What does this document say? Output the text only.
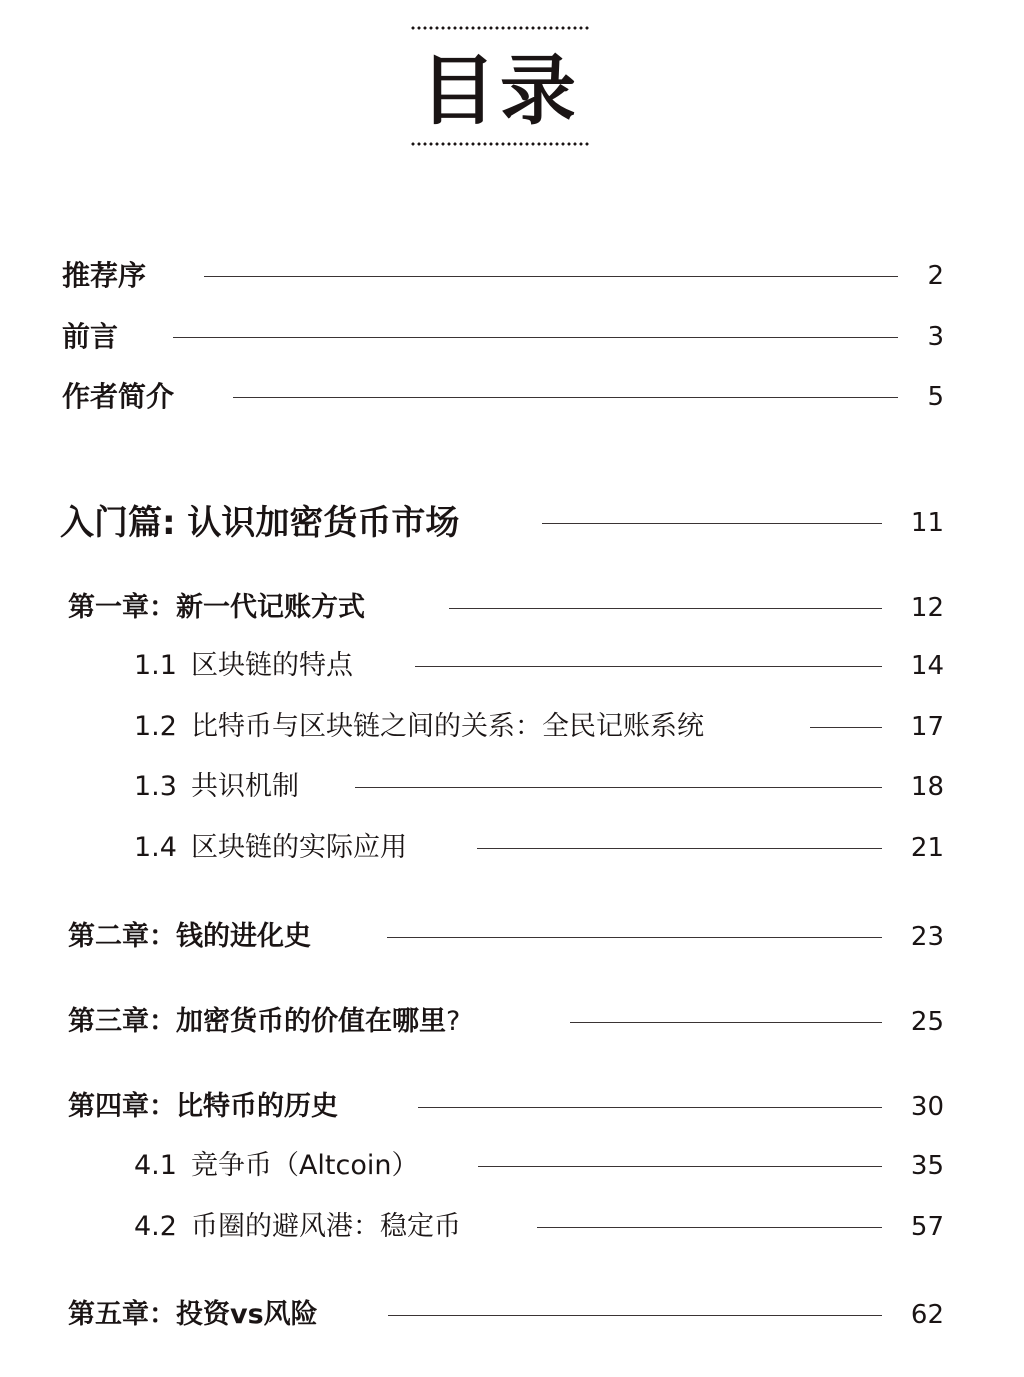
目录
推荐序	2
前言	3
作者简介	5
入门篇: 认识加密货币市场	11
第一章：新一代记账方式	12
1.1 区块链的特点	14
1.2 比特币与区块链之间的关系：全民记账系统	17
1.3 共识机制	18
1.4 区块链的实际应用	21
第二章：钱的进化史	23
第三章：加密货币的价值在哪里?	25
第四章：比特币的历史	30
4.1 竞争币（Altcoin）	35
4.2 币圈的避风港：稳定币	57
第五章：投资vs风险	62
